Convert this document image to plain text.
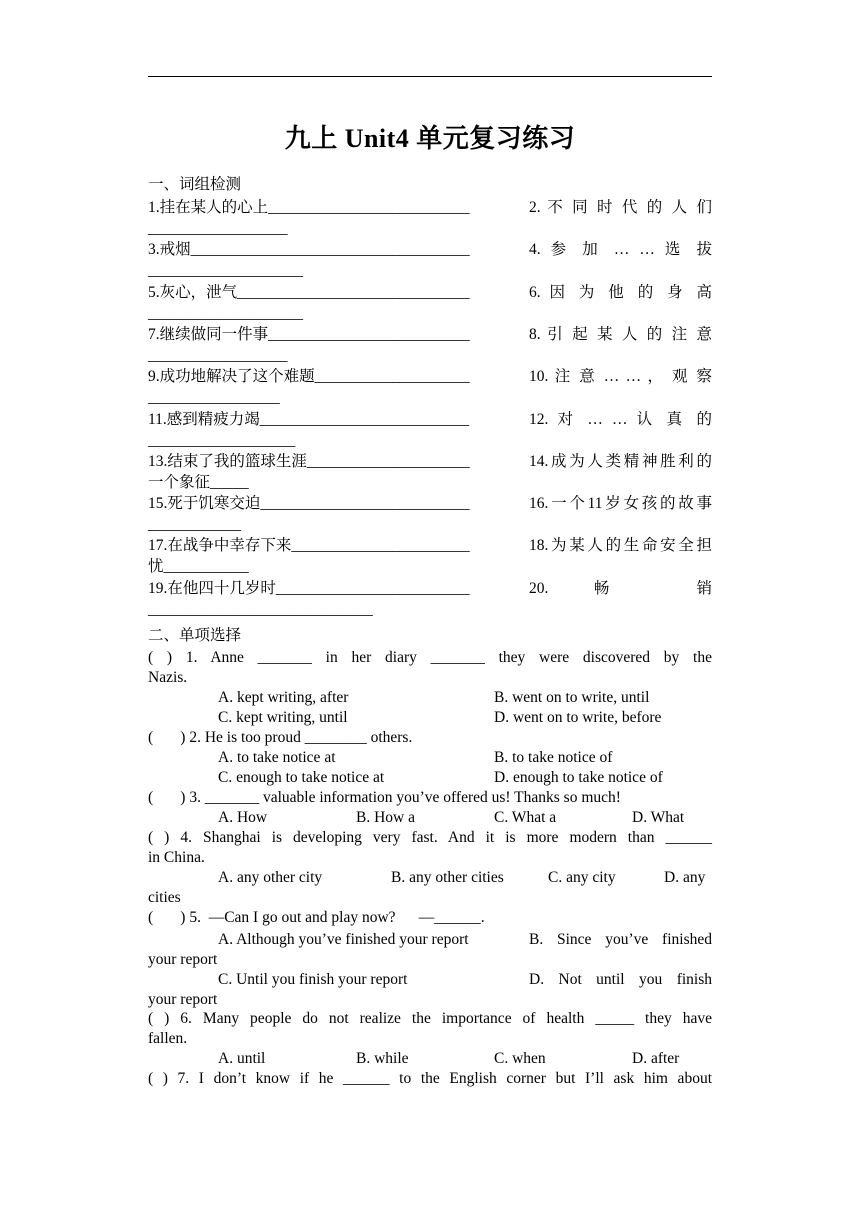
九上 Unit4 单元复习练习
一、词组检测
1.挂在某人的心上__________________________	2. 不 同 时 代 的 人 们
__________________
3.戒烟____________________________________	4. 参 加 … … 选 拔
____________________
5.灰心，泄气______________________________	6. 因 为 他 的 身 高
____________________
7.继续做同一件事__________________________	8. 引 起 某 人 的 注 意
__________________
9.成功地解决了这个难题____________________	10. 注 意 … … ， 观 察
_________________
11.感到精疲力竭___________________________	12. 对 … … 认 真 的
___________________
13.结束了我的篮球生涯_____________________	14.成为人类精神胜利的
一个象征_____
15.死于饥寒交迫___________________________	16.一个11岁女孩的故事
____________
17.在战争中幸存下来_______________________	18.为某人的生命安全担
忧___________
19.在他四十几岁时_________________________	20. 畅 销
_____________________________
二、单项选择
( ) 1. Anne _______ in her diary _______ they were discovered by the
Nazis.
A. kept writing, after	B. went on to write, until
C. kept writing, until	D. went on to write, before
(       ) 2. He is too proud ________ others.
A. to take notice at	B. to take notice of
C. enough to take notice at	D. enough to take notice of
(       ) 3. _______ valuable information you’ve offered us! Thanks so much!
A. How	B. How a	C. What a	D. What
( ) 4. Shanghai is developing very fast. And it is more modern than ______
in China.
A. any other city	B. any other cities	C. any city	D. any
cities
(       ) 5.  —Can I go out and play now?      —______.
A. Although you’ve finished your report	B. Since you’ve finished
your report
C. Until you finish your report	D. Not until you finish
your report
( ) 6. Many people do not realize the importance of health _____ they have
fallen.
A. until	B. while	C. when	D. after
( ) 7. I don’t know if he ______ to the English corner but I’ll ask him about
